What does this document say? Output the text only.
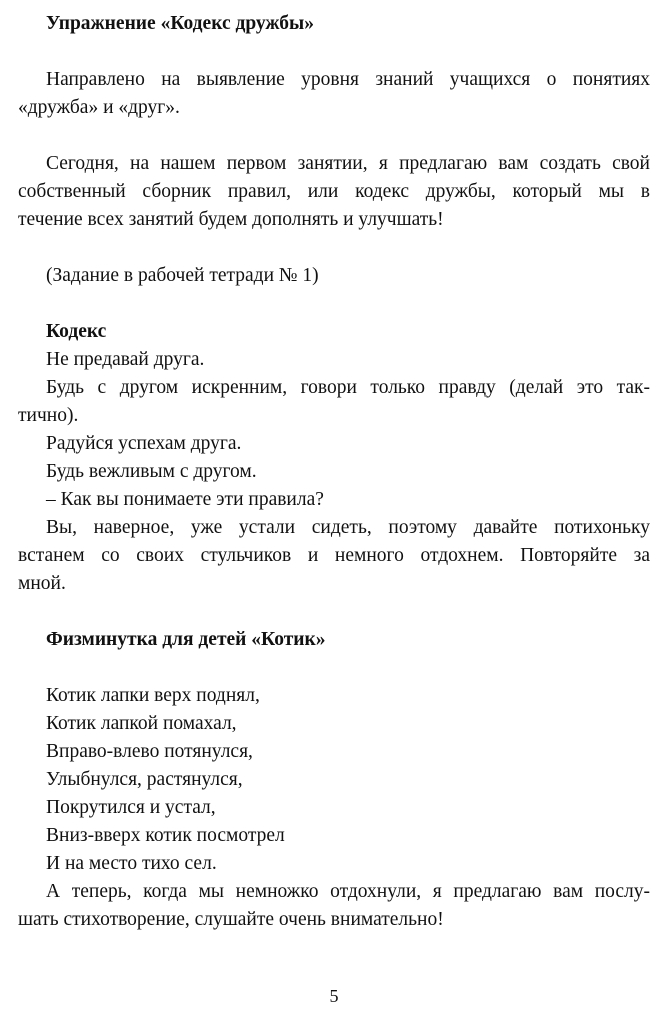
Упражнение «Кодекс дружбы»
Направлено на выявление уровня знаний учащихся о понятиях
«дружба» и «друг».
Сегодня, на нашем первом занятии, я предлагаю вам создать свой
собственный сборник правил, или кодекс дружбы, который мы в
течение всех занятий будем дополнять и улучшать!
(Задание в рабочей тетради № 1)
Кодекс
Не предавай друга.
Будь с другом искренним, говори только правду (делай это так-
тично).
Радуйся успехам друга.
Будь вежливым с другом.
– Как вы понимаете эти правила?
Вы, наверное, уже устали сидеть, поэтому давайте потихоньку
встанем со своих стульчиков и немного отдохнем. Повторяйте за
мной.
Физминутка для детей «Котик»
Котик лапки верх поднял,
Котик лапкой помахал,
Вправо-влево потянулся,
Улыбнулся, растянулся,
Покрутился и устал,
Вниз-вверх котик посмотрел
И на место тихо сел.
А теперь, когда мы немножко отдохнули, я предлагаю вам послу-
шать стихотворение, слушайте очень внимательно!
5
